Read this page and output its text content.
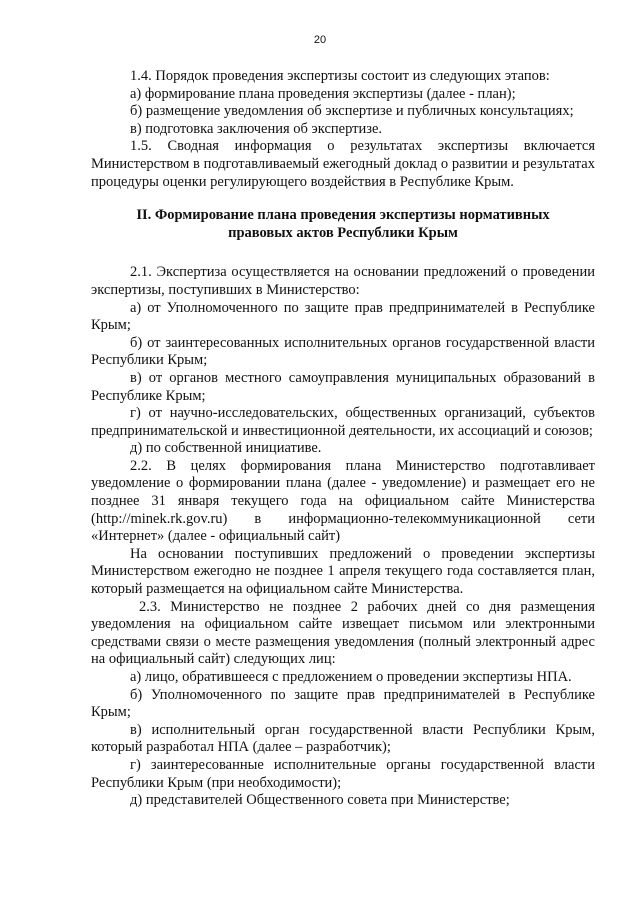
20

1.4. Порядок проведения экспертизы состоит из следующих этапов:

а) формирование плана проведения экспертизы (далее - план);

б) размещение уведомления об экспертизе и публичных консультациях;

в) подготовка заключения об экспертизе.

1.5. Сводная информация о результатах экспертизы включается Министерством в подготавливаемый ежегодный доклад о развитии и результатах процедуры оценки регулирующего воздействия в Республике Крым.

II. Формирование плана проведения экспертизы нормативных
правовых актов Республики Крым

2.1. Экспертиза осуществляется на основании предложений о проведении экспертизы, поступивших в Министерство:

а) от Уполномоченного по защите прав предпринимателей в Республике Крым;

б) от заинтересованных исполнительных органов государственной власти Республики Крым;

в) от органов местного самоуправления муниципальных образований в Республике Крым;

г) от научно-исследовательских, общественных организаций, субъектов предпринимательской и инвестиционной деятельности, их ассоциаций и союзов;

д) по собственной инициативе.

2.2. В целях формирования плана Министерство подготавливает уведомление о формировании плана (далее - уведомление) и размещает его не позднее 31 января текущего года на официальном сайте Министерства (http://minek.rk.gov.ru) в информационно-телекоммуникационной сети «Интернет» (далее - официальный сайт)

На основании поступивших предложений о проведении экспертизы Министерством ежегодно не позднее 1 апреля текущего года составляется план, который размещается на официальном сайте Министерства.

2.3. Министерство не позднее 2 рабочих дней со дня размещения уведомления на официальном сайте извещает письмом или электронными средствами связи о месте размещения уведомления (полный электронный адрес на официальный сайт) следующих лиц:

а) лицо, обратившееся с предложением о проведении экспертизы НПА.

б) Уполномоченного по защите прав предпринимателей в Республике Крым;

в) исполнительный орган государственной власти Республики Крым, который разработал НПА (далее – разработчик);

г) заинтересованные исполнительные органы государственной власти Республики Крым (при необходимости);

д) представителей Общественного совета при Министерстве;
